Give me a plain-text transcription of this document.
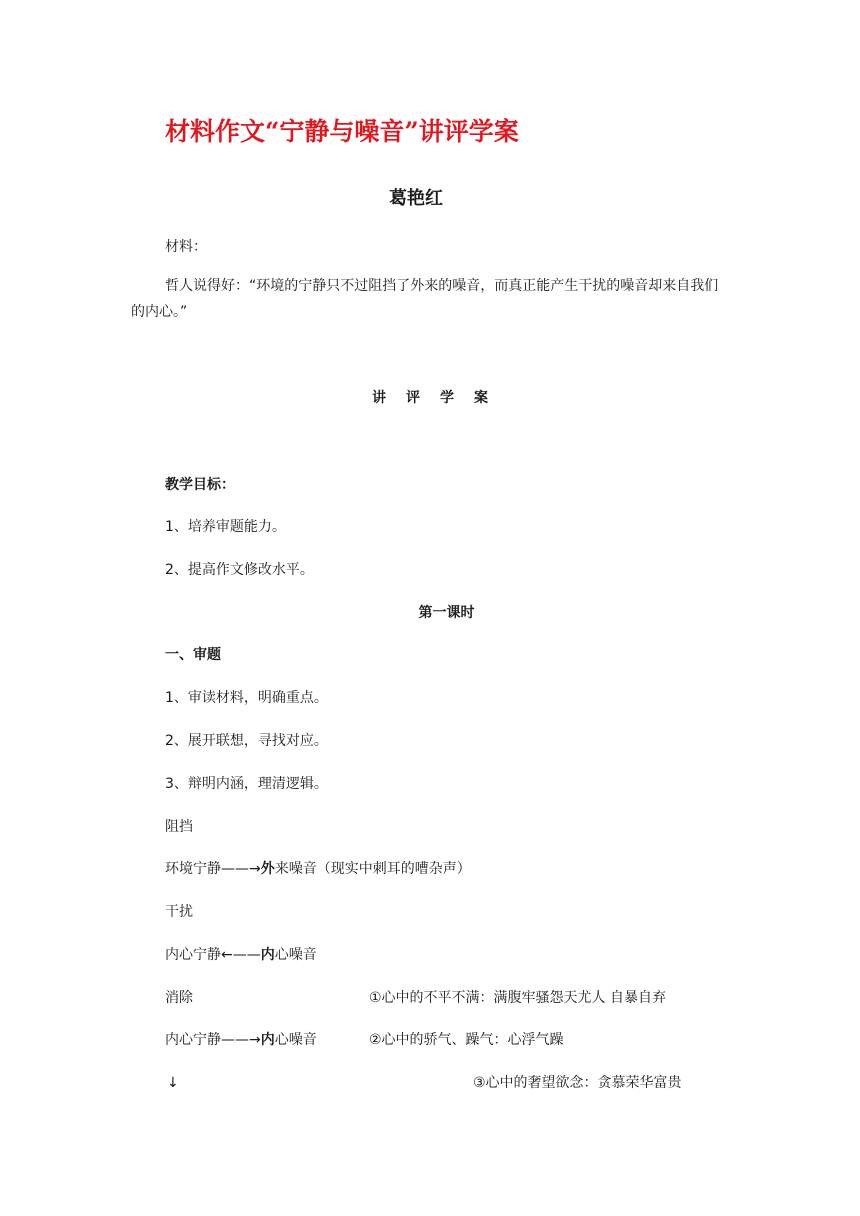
材料作文“宁静与噪音”讲评学案
葛艳红
材料：
哲人说得好：“环境的宁静只不过阻挡了外来的噪音，而真正能产生干扰的噪音却来自我们的内心。”
讲评学案
教学目标：
1、培养审题能力。
2、提高作文修改水平。
第一课时
一、审题
1、审读材料，明确重点。
2、展开联想，寻找对应。
3、辩明内涵，理清逻辑。
阻挡
环境宁静——→外来噪音（现实中刺耳的嘈杂声）
干扰
内心宁静←——内心噪音
消除	①心中的不平不满：满腹牢骚怨天尤人 自暴自弃
内心宁静——→内心噪音	②心中的骄气、躁气：心浮气躁
↓	③心中的奢望欲念：贪慕荣华富贵
